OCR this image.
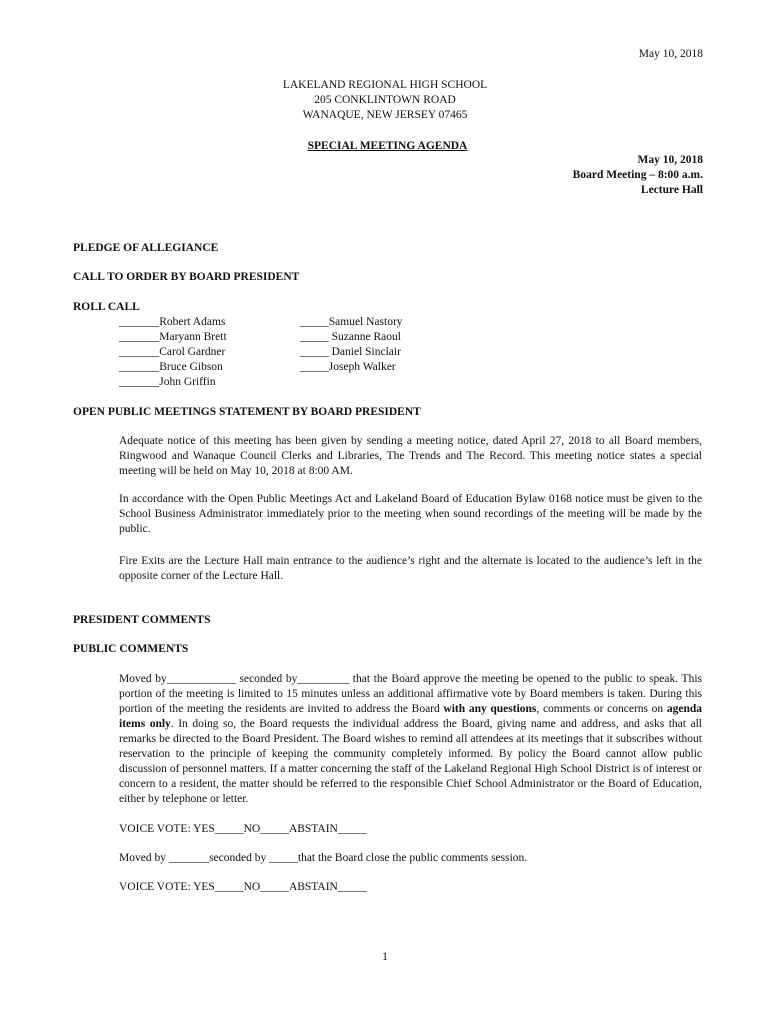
May 10, 2018
LAKELAND REGIONAL HIGH SCHOOL
205 CONKLINTOWN ROAD
WANAQUE, NEW JERSEY 07465
SPECIAL MEETING AGENDA
May 10, 2018
Board Meeting – 8:00 a.m.
Lecture Hall
PLEDGE OF ALLEGIANCE
CALL TO ORDER BY BOARD PRESIDENT
ROLL CALL
_______Robert Adams
_______Maryann Brett
_______Carol Gardner
_______Bruce Gibson
_______John Griffin
_____Samuel Nastory
_____ Suzanne Raoul
_____ Daniel Sinclair
_____Joseph Walker
OPEN PUBLIC MEETINGS STATEMENT BY BOARD PRESIDENT
Adequate notice of this meeting has been given by sending a meeting notice, dated April 27, 2018 to all Board members, Ringwood and Wanaque Council Clerks and Libraries, The Trends and The Record. This meeting notice states a special meeting will be held on May 10, 2018 at 8:00 AM.
In accordance with the Open Public Meetings Act and Lakeland Board of Education Bylaw 0168 notice must be given to the School Business Administrator immediately prior to the meeting when sound recordings of the meeting will be made by the public.
Fire Exits are the Lecture Hall main entrance to the audience’s right and the alternate is located to the audience’s left in the opposite corner of the Lecture Hall.
PRESIDENT COMMENTS
PUBLIC COMMENTS
Moved by____________ seconded by_________ that the Board approve the meeting be opened to the public to speak. This portion of the meeting is limited to 15 minutes unless an additional affirmative vote by Board members is taken. During this portion of the meeting the residents are invited to address the Board with any questions, comments or concerns on agenda items only. In doing so, the Board requests the individual address the Board, giving name and address, and asks that all remarks be directed to the Board President. The Board wishes to remind all attendees at its meetings that it subscribes without reservation to the principle of keeping the community completely informed. By policy the Board cannot allow public discussion of personnel matters. If a matter concerning the staff of the Lakeland Regional High School District is of interest or concern to a resident, the matter should be referred to the responsible Chief School Administrator or the Board of Education, either by telephone or letter.
VOICE VOTE: YES_____NO_____ABSTAIN_____
Moved by _______seconded by _____that the Board close the public comments session.
VOICE VOTE: YES_____NO_____ABSTAIN_____
1
